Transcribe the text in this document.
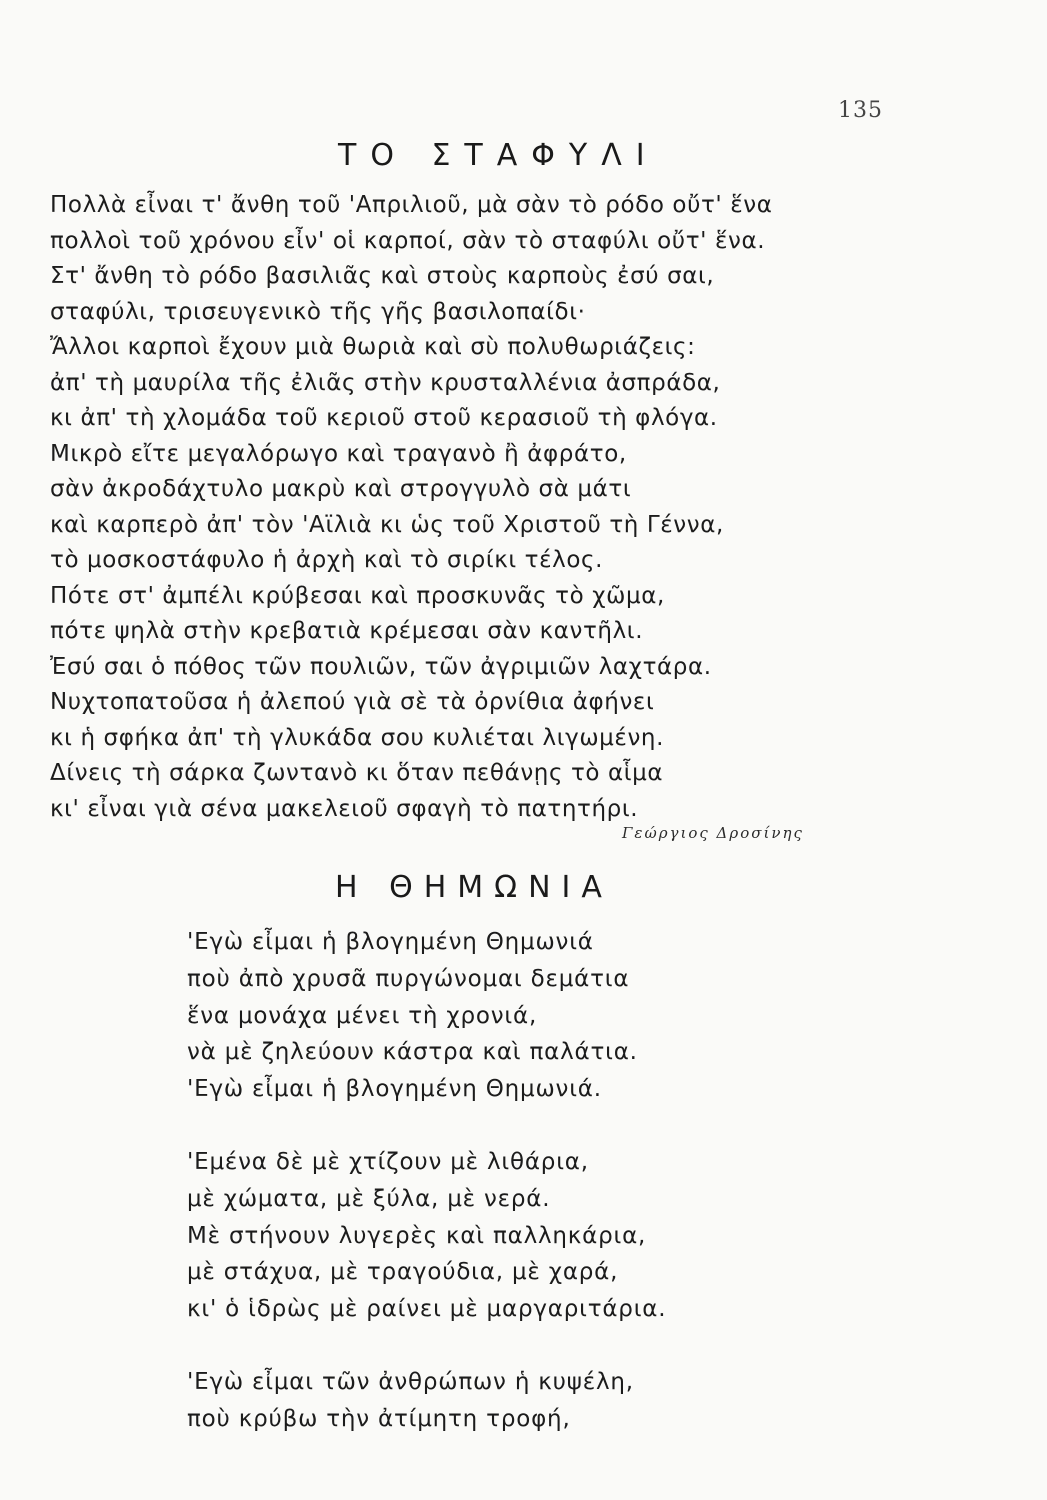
135
ΤΟ ΣΤΑΦΥΛΙ
Πολλὰ εἶναι τ' ἄνθη τοῦ 'Απριλιοῦ, μὰ σὰν τὸ ρόδο οὔτ' ἕνα
πολλοὶ τοῦ χρόνου εἶν' οἱ καρποί, σὰν τὸ σταφύλι οὔτ' ἕνα.
Στ' ἄνθη τὸ ρόδο βασιλιᾶς καὶ στοὺς καρποὺς ἐσύ σαι,
σταφύλι, τρισευγενικὸ τῆς γῆς βασιλοπαίδι·
Ἄλλοι καρποὶ ἔχουν μιὰ θωριὰ καὶ σὺ πολυθωριάζεις:
ἀπ' τὴ μαυρίλα τῆς ἐλιᾶς στὴν κρυσταλλένια ἀσπράδα,
κι ἀπ' τὴ χλομάδα τοῦ κεριοῦ στοῦ κερασιοῦ τὴ φλόγα.
Μικρὸ εἴτε μεγαλόρωγο καὶ τραγανὸ ἢ ἀφράτο,
σὰν ἀκροδάχτυλο μακρὺ καὶ στρογγυλὸ σὰ μάτι
καὶ καρπερὸ ἀπ' τὸν 'Αϊλιὰ κι ὡς τοῦ Χριστοῦ τὴ Γέννα,
τὸ μοσκοστάφυλο ἡ ἀρχὴ καὶ τὸ σιρίκι τέλος.
Πότε στ' ἀμπέλι κρύβεσαι καὶ προσκυνᾶς τὸ χῶμα,
πότε ψηλὰ στὴν κρεβατιὰ κρέμεσαι σὰν καντῆλι.
Ἐσύ σαι ὁ πόθος τῶν πουλιῶν, τῶν ἀγριμιῶν λαχτάρα.
Νυχτοπατοῦσα ἡ ἀλεπού γιὰ σὲ τὰ ὀρνίθια ἀφήνει
κι ἡ σφήκα ἀπ' τὴ γλυκάδα σου κυλιέται λιγωμένη.
Δίνεις τὴ σάρκα ζωντανὸ κι ὅταν πεθάνῃς τὸ αἷμα
κι' εἶναι γιὰ σένα μακελειοῦ σφαγὴ τὸ πατητήρι.
Γεώργιος Δροσίνης
Η ΘΗΜΩΝΙΑ
'Εγὼ εἶμαι ἡ βλογημένη Θημωνιά
ποὺ ἀπὸ χρυσᾶ πυργώνομαι δεμάτια
ἕνα μονάχα μένει τὴ χρονιά,
νὰ μὲ ζηλεύουν κάστρα καὶ παλάτια.
'Εγὼ εἶμαι ἡ βλογημένη Θημωνιά.
'Εμένα δὲ μὲ χτίζουν μὲ λιθάρια,
μὲ χώματα, μὲ ξύλα, μὲ νερά.
Μὲ στήνουν λυγερὲς καὶ παλληκάρια,
μὲ στάχυα, μὲ τραγούδια, μὲ χαρά,
κι' ὁ ἱδρὼς μὲ ραίνει μὲ μαργαριτάρια.
'Εγὼ εἶμαι τῶν ἀνθρώπων ἡ κυψέλη,
ποὺ κρύβω τὴν ἀτίμητη τροφή,
